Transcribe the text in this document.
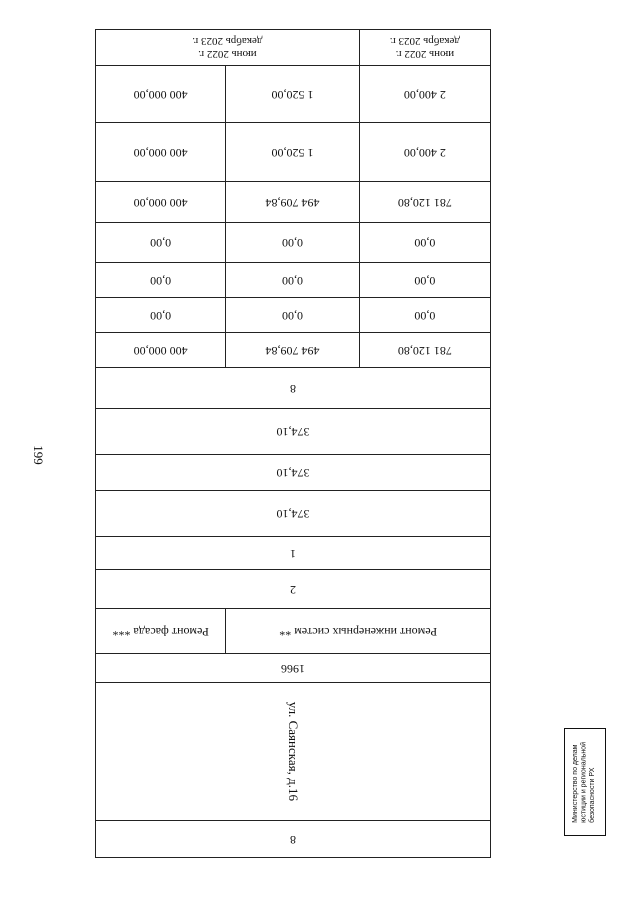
199
8
ул. Саянская, д.16
1966
Ремонт инженерных систем **
Ремонт фасада ***
2
1
374,10
374,10
374,10
8
781 120,80
494 709,84
400 000,00
0,00
0,00
0,00
0,00
0,00
0,00
0,00
0,00
0,00
781 120,80
494 709,84
400 000,00
2 400,00
1 520,00
400 000,00
2 400,00
1 520,00
400 000,00
июнь 2022 г.
декабрь 2023 г.
июнь 2022 г.
декабрь 2023 г.
Министерство по делам
юстиции и региональной
безопасности РХ
